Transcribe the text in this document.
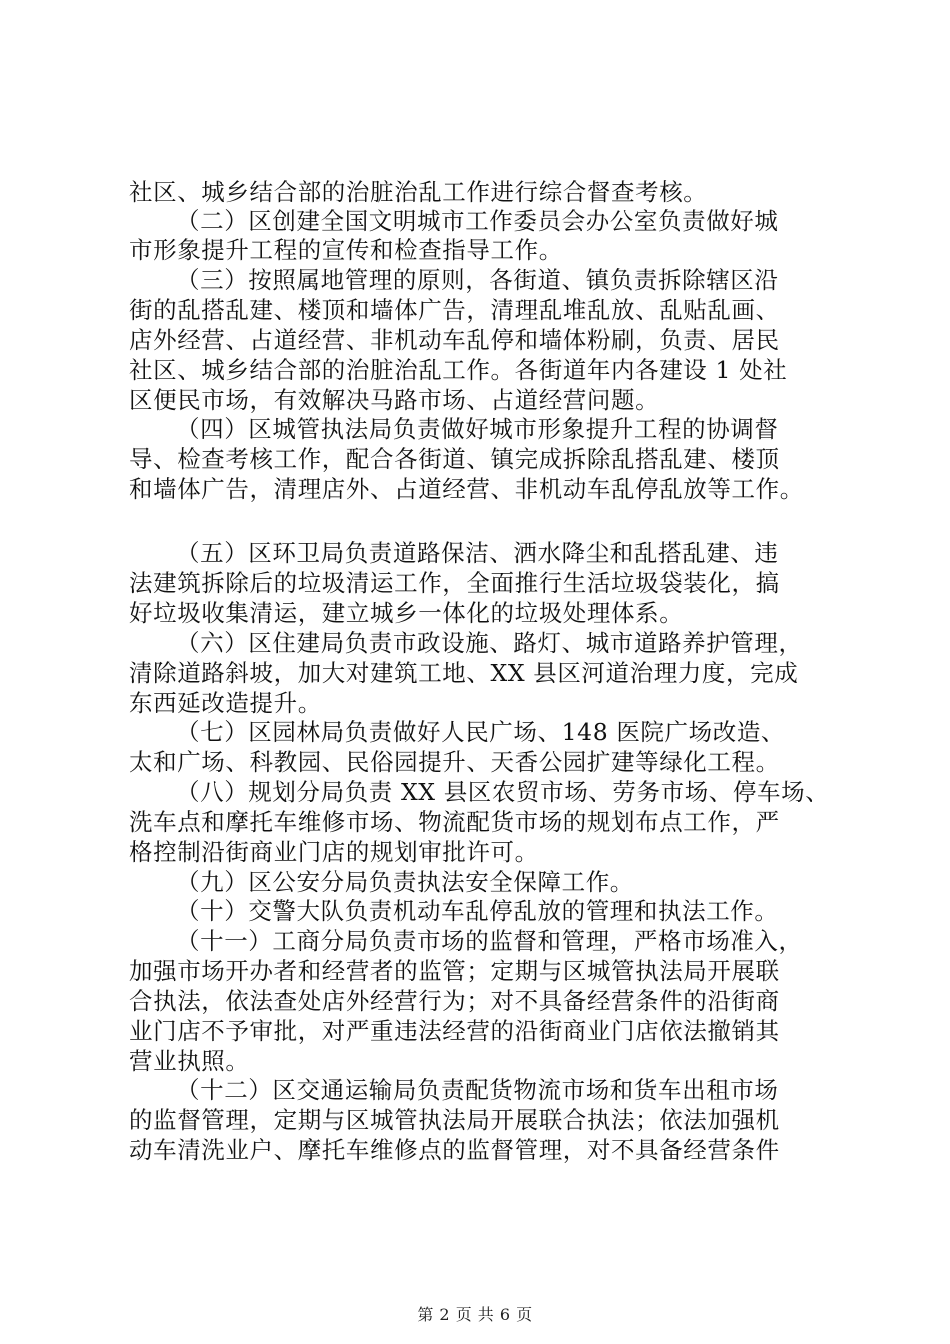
社区、城乡结合部的治脏治乱工作进行综合督查考核。
（二）区创建全国文明城市工作委员会办公室负责做好城
市形象提升工程的宣传和检查指导工作。
（三）按照属地管理的原则，各街道、镇负责拆除辖区沿
街的乱搭乱建、楼顶和墙体广告，清理乱堆乱放、乱贴乱画、
店外经营、占道经营、非机动车乱停和墙体粉刷，负责、居民
社区、城乡结合部的治脏治乱工作。各街道年内各建设 1 处社
区便民市场，有效解决马路市场、占道经营问题。
（四）区城管执法局负责做好城市形象提升工程的协调督
导、检查考核工作，配合各街道、镇完成拆除乱搭乱建、楼顶
和墙体广告，清理店外、占道经营、非机动车乱停乱放等工作。
（五）区环卫局负责道路保洁、洒水降尘和乱搭乱建、违
法建筑拆除后的垃圾清运工作，全面推行生活垃圾袋装化，搞
好垃圾收集清运，建立城乡一体化的垃圾处理体系。
（六）区住建局负责市政设施、路灯、城市道路养护管理，
清除道路斜坡，加大对建筑工地、XX 县区河道治理力度，完成
东西延改造提升。
（七）区园林局负责做好人民广场、148 医院广场改造、
太和广场、科教园、民俗园提升、天香公园扩建等绿化工程。
（八）规划分局负责 XX 县区农贸市场、劳务市场、停车场、
洗车点和摩托车维修市场、物流配货市场的规划布点工作，严
格控制沿街商业门店的规划审批许可。
（九）区公安分局负责执法安全保障工作。
（十）交警大队负责机动车乱停乱放的管理和执法工作。
（十一）工商分局负责市场的监督和管理，严格市场准入，
加强市场开办者和经营者的监管；定期与区城管执法局开展联
合执法，依法查处店外经营行为；对不具备经营条件的沿街商
业门店不予审批，对严重违法经营的沿街商业门店依法撤销其
营业执照。
（十二）区交通运输局负责配货物流市场和货车出租市场
的监督管理，定期与区城管执法局开展联合执法；依法加强机
动车清洗业户、摩托车维修点的监督管理，对不具备经营条件
第 2 页 共 6 页
